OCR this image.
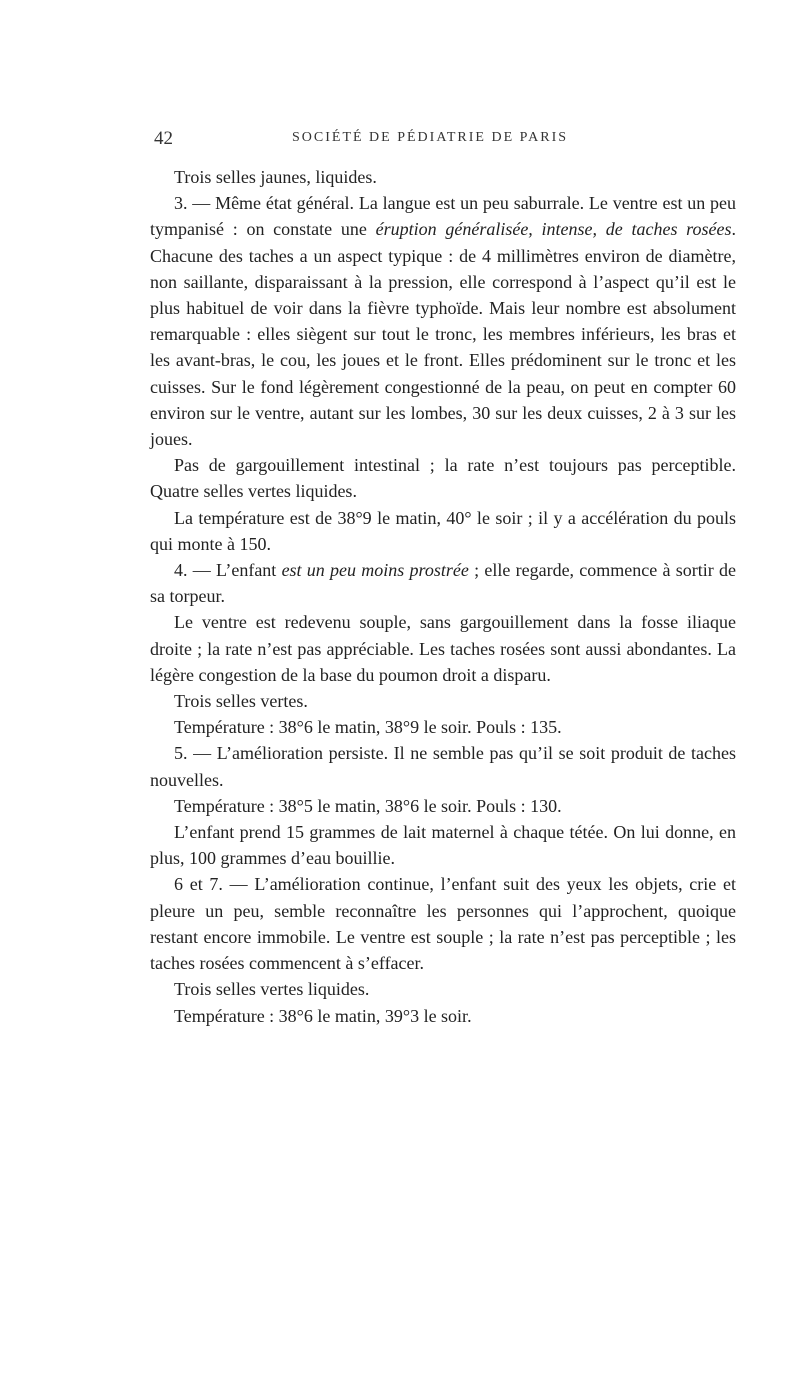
42	SOCIÉTÉ DE PÉDIATRIE DE PARIS

Trois selles jaunes, liquides.

3. — Même état général. La langue est un peu saburrale. Le ventre est un peu tympanisé : on constate une éruption généralisée, intense, de taches rosées. Chacune des taches a un aspect typique : de 4 millimètres environ de diamètre, non saillante, disparaissant à la pression, elle correspond à l’aspect qu’il est le plus habituel de voir dans la fièvre typhoïde. Mais leur nombre est absolument remarquable : elles siègent sur tout le tronc, les membres inférieurs, les bras et les avant-bras, le cou, les joues et le front. Elles prédominent sur le tronc et les cuisses. Sur le fond légèrement congestionné de la peau, on peut en compter 60 environ sur le ventre, autant sur les lombes, 30 sur les deux cuisses, 2 à 3 sur les joues.

Pas de gargouillement intestinal ; la rate n’est toujours pas perceptible. Quatre selles vertes liquides.

La température est de 38°9 le matin, 40° le soir ; il y a accélération du pouls qui monte à 150.

4. — L’enfant est un peu moins prostrée ; elle regarde, commence à sortir de sa torpeur.

Le ventre est redevenu souple, sans gargouillement dans la fosse iliaque droite ; la rate n’est pas appréciable. Les taches rosées sont aussi abondantes. La légère congestion de la base du poumon droit a disparu.

Trois selles vertes.

Température : 38°6 le matin, 38°9 le soir. Pouls : 135.

5. — L’amélioration persiste. Il ne semble pas qu’il se soit produit de taches nouvelles.

Température : 38°5 le matin, 38°6 le soir. Pouls : 130.

L’enfant prend 15 grammes de lait maternel à chaque tétée. On lui donne, en plus, 100 grammes d’eau bouillie.

6 et 7. — L’amélioration continue, l’enfant suit des yeux les objets, crie et pleure un peu, semble reconnaître les personnes qui l’approchent, quoique restant encore immobile. Le ventre est souple ; la rate n’est pas perceptible ; les taches rosées commencent à s’effacer.

Trois selles vertes liquides.

Température : 38°6 le matin, 39°3 le soir.
